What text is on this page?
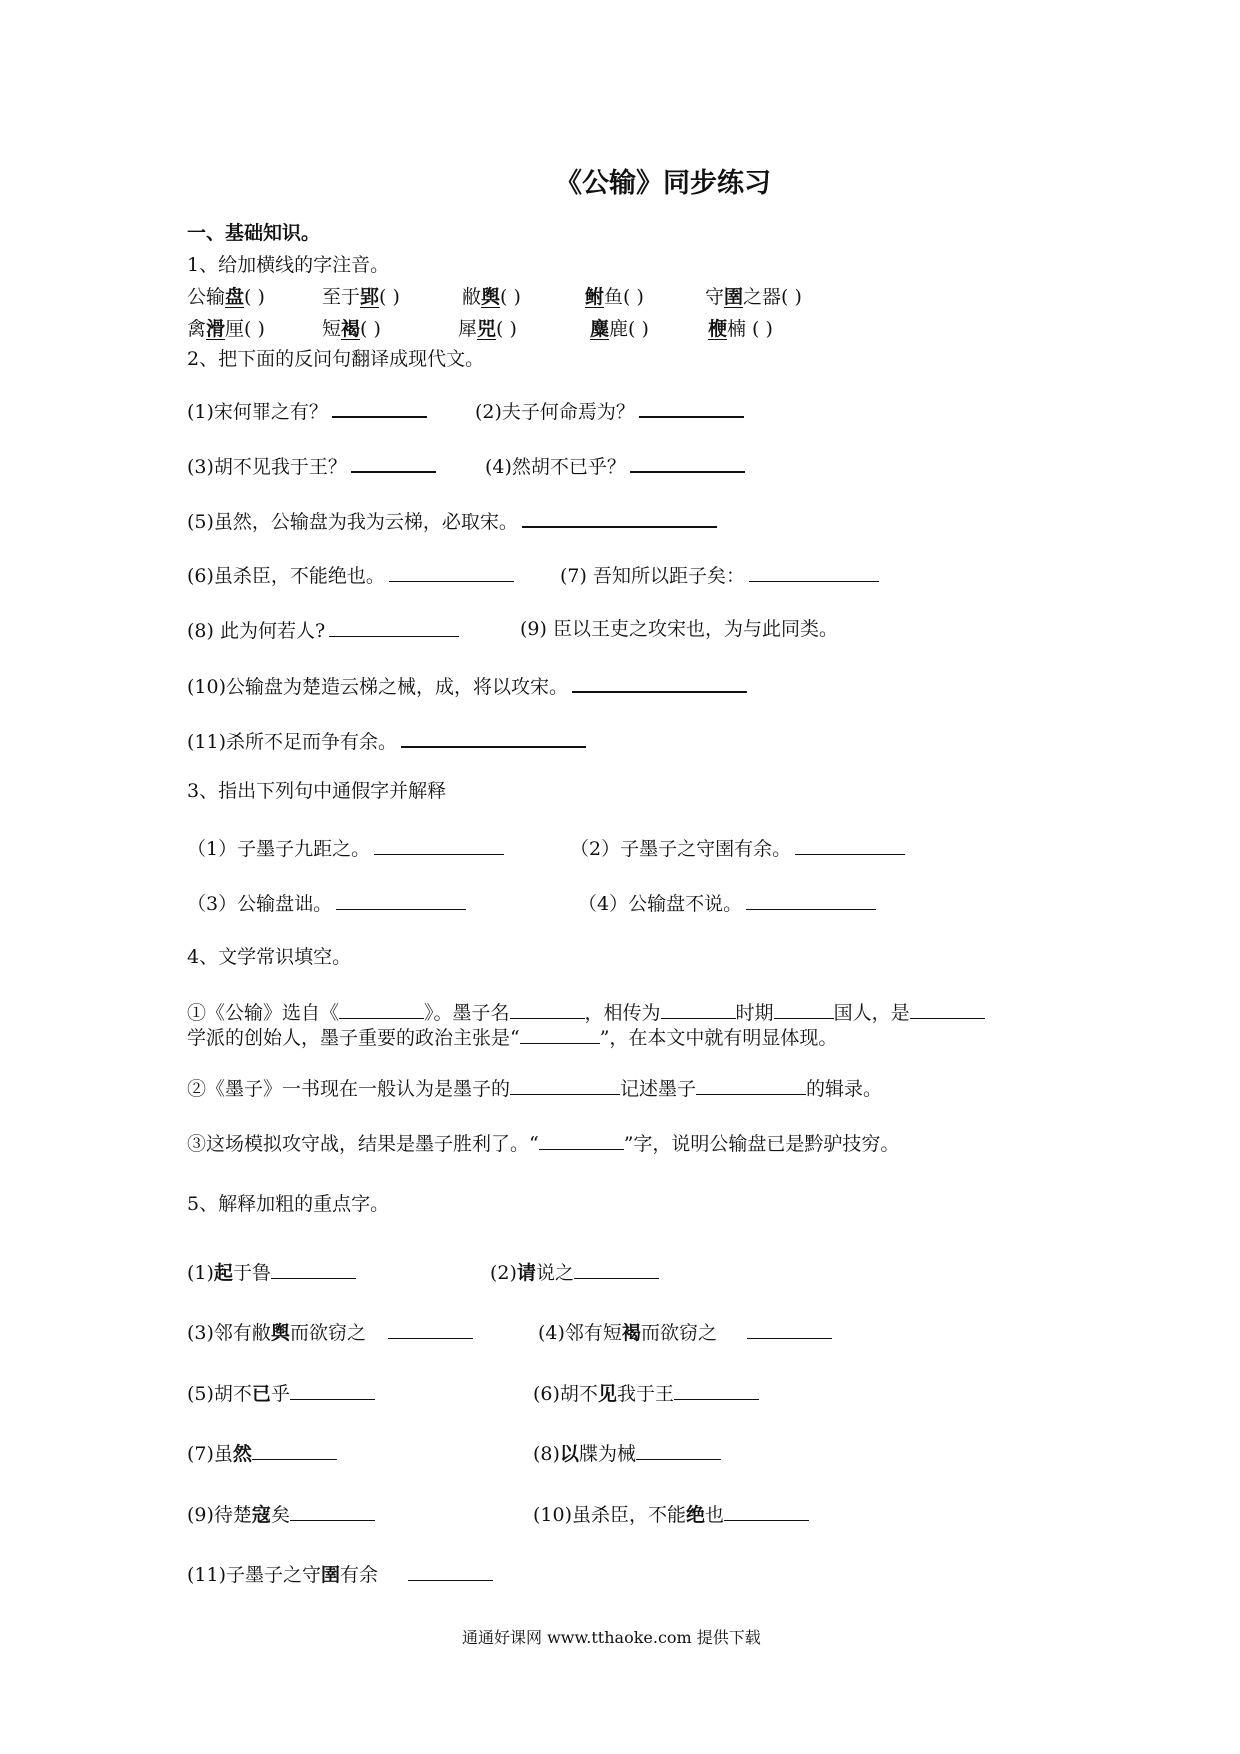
《公输》同步练习
一、基础知识。
1、给加横线的字注音。
公输盘( )	至于郢( )	敝舆( )	鲋鱼( )	守圉之器( )
禽滑厘( )	短褐( )	犀兕( )	麋鹿( )	楩楠 ( )
2、把下面的反问句翻译成现代文。
(1)宋何罪之有？	(2)夫子何命焉为？
(3)胡不见我于王？	(4)然胡不已乎？
(5)虽然，公输盘为我为云梯，必取宋。
(6)虽杀臣，不能绝也。	(7) 吾知所以距子矣：
(8) 此为何若人?	(9) 臣以王吏之攻宋也，为与此同类。
(10)公输盘为楚造云梯之械，成，将以攻宋。
(11)杀所不足而争有余。
3、指出下列句中通假字并解释
（1）子墨子九距之。	（2）子墨子之守圉有余。
（3）公输盘诎。	（4）公输盘不说。
4、文学常识填空。
①《公输》选自《	》。墨子名	，相传为	时期	国人，是
学派的创始人，墨子重要的政治主张是“	”，在本文中就有明显体现。
②《墨子》一书现在一般认为是墨子的	记述墨子	的辑录。
③这场模拟攻守战，结果是墨子胜利了。“	”字，说明公输盘已是黔驴技穷。
5、解释加粗的重点字。
(1)起于鲁	(2)请说之
(3)邻有敝舆而欲窃之	(4)邻有短褐而欲窃之
(5)胡不已乎	(6)胡不见我于王
(7)虽然	(8)以牒为械
(9)待楚寇矣	(10)虽杀臣，不能绝也
(11)子墨子之守圉有余
通通好课网 www.tthaoke.com 提供下载
